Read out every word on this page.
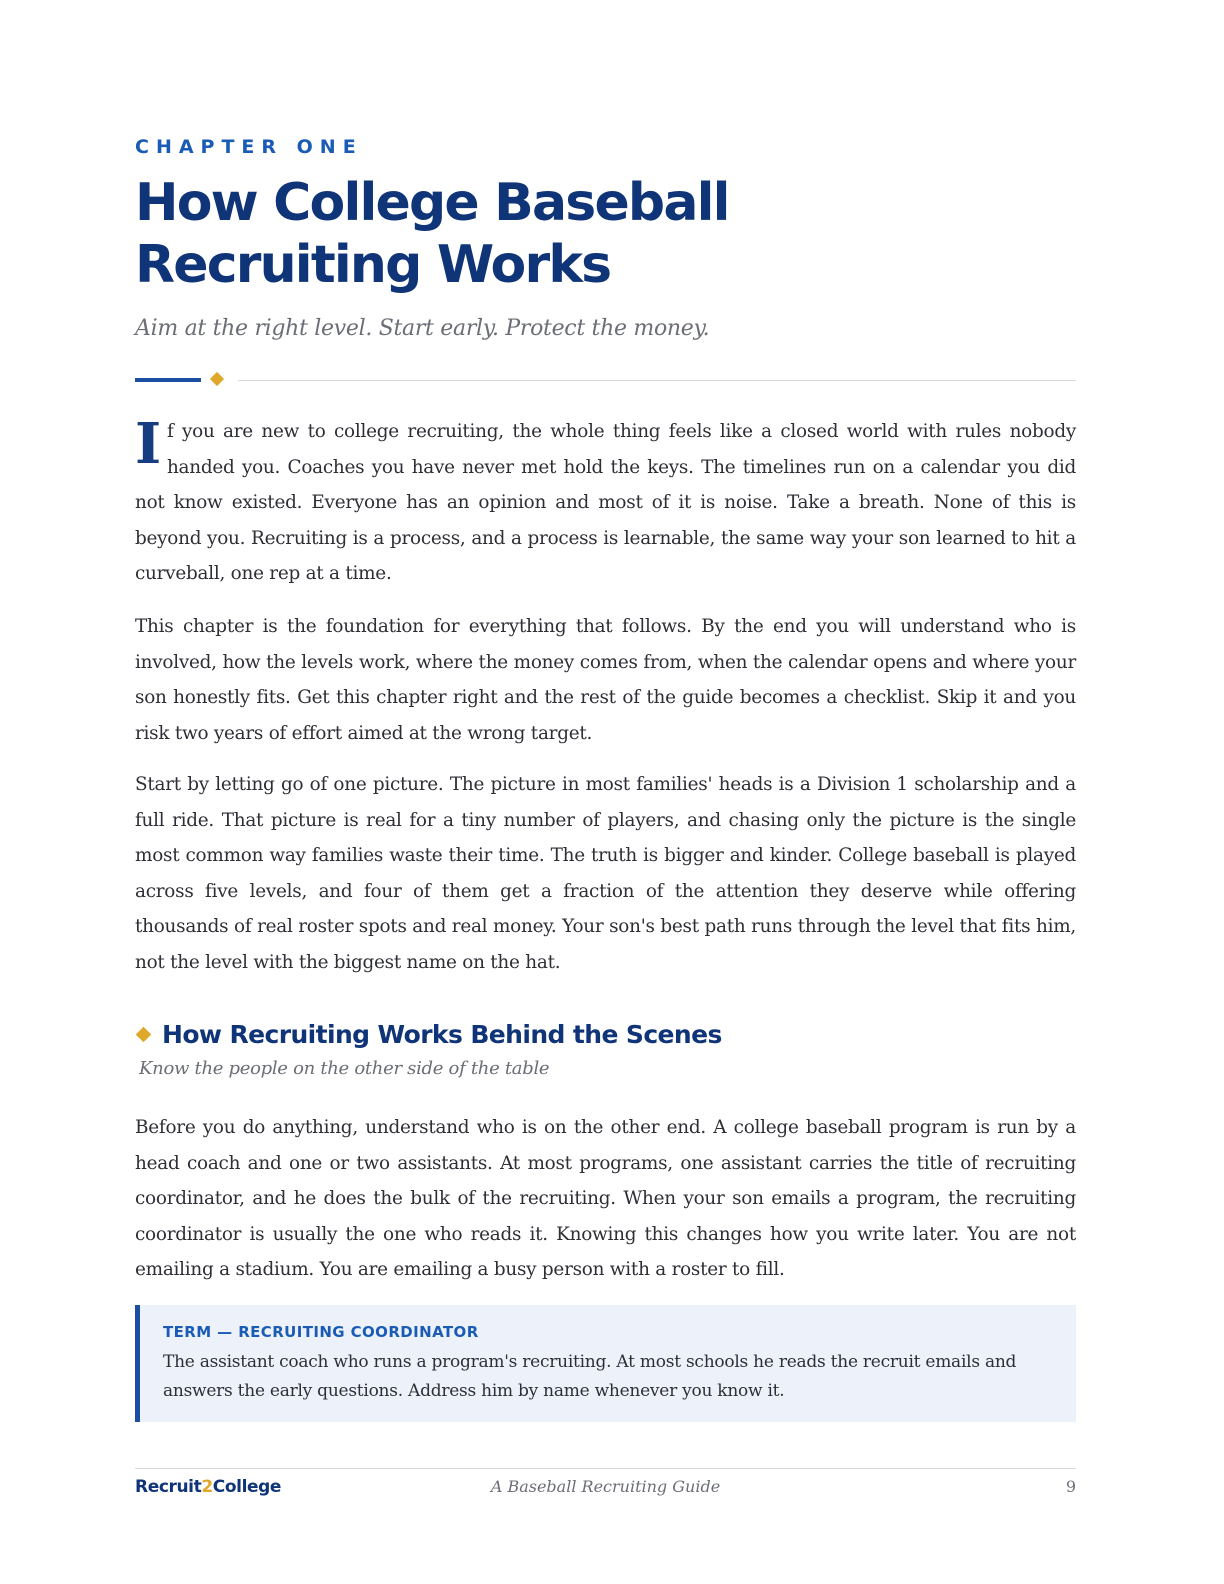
CHAPTER ONE
How College Baseball
Recruiting Works
Aim at the right level. Start early. Protect the money.

If you are new to college recruiting, the whole thing feels like a closed world with rules nobody handed you. Coaches you have never met hold the keys. The timelines run on a calendar you did not know existed. Everyone has an opinion and most of it is noise. Take a breath. None of this is beyond you. Recruiting is a process, and a process is learnable, the same way your son learned to hit a curveball, one rep at a time.

This chapter is the foundation for everything that follows. By the end you will understand who is involved, how the levels work, where the money comes from, when the calendar opens and where your son honestly fits. Get this chapter right and the rest of the guide becomes a checklist. Skip it and you risk two years of effort aimed at the wrong target.

Start by letting go of one picture. The picture in most families' heads is a Division 1 scholarship and a full ride. That picture is real for a tiny number of players, and chasing only the picture is the single most common way families waste their time. The truth is bigger and kinder. College baseball is played across five levels, and four of them get a fraction of the attention they deserve while offering thousands of real roster spots and real money. Your son's best path runs through the level that fits him, not the level with the biggest name on the hat.

How Recruiting Works Behind the Scenes
Know the people on the other side of the table

Before you do anything, understand who is on the other end. A college baseball program is run by a head coach and one or two assistants. At most programs, one assistant carries the title of recruiting coordinator, and he does the bulk of the recruiting. When your son emails a program, the recruiting coordinator is usually the one who reads it. Knowing this changes how you write later. You are not emailing a stadium. You are emailing a busy person with a roster to fill.

TERM — RECRUITING COORDINATOR
The assistant coach who runs a program's recruiting. At most schools he reads the recruit emails and answers the early questions. Address him by name whenever you know it.
Recruit2College	A Baseball Recruiting Guide	9
